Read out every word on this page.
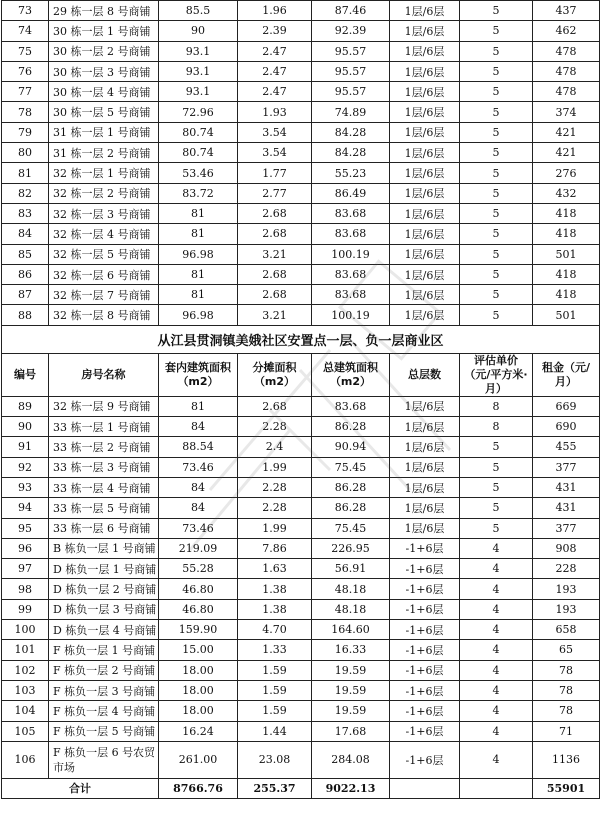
73	29 栋一层 8 号商铺	85.5	1.96	87.46	1层/6层	5	437
74	30 栋一层 1 号商铺	90	2.39	92.39	1层/6层	5	462
75	30 栋一层 2 号商铺	93.1	2.47	95.57	1层/6层	5	478
76	30 栋一层 3 号商铺	93.1	2.47	95.57	1层/6层	5	478
77	30 栋一层 4 号商铺	93.1	2.47	95.57	1层/6层	5	478
78	30 栋一层 5 号商铺	72.96	1.93	74.89	1层/6层	5	374
79	31 栋一层 1 号商铺	80.74	3.54	84.28	1层/6层	5	421
80	31 栋一层 2 号商铺	80.74	3.54	84.28	1层/6层	5	421
81	32 栋一层 1 号商铺	53.46	1.77	55.23	1层/6层	5	276
82	32 栋一层 2 号商铺	83.72	2.77	86.49	1层/6层	5	432
83	32 栋一层 3 号商铺	81	2.68	83.68	1层/6层	5	418
84	32 栋一层 4 号商铺	81	2.68	83.68	1层/6层	5	418
85	32 栋一层 5 号商铺	96.98	3.21	100.19	1层/6层	5	501
86	32 栋一层 6 号商铺	81	2.68	83.68	1层/6层	5	418
87	32 栋一层 7 号商铺	81	2.68	83.68	1层/6层	5	418
88	32 栋一层 8 号商铺	96.98	3.21	100.19	1层/6层	5	501
从江县贯洞镇美娥社区安置点一层、负一层商业区							
编号	房号名称	套内建筑面积（m2）	分摊面积（m2）	总建筑面积（m2）	总层数	评估单价（元/平方米·月）	租金（元/月）
89	32 栋一层 9 号商铺	81	2.68	83.68	1层/6层	8	669
90	33 栋一层 1 号商铺	84	2.28	86.28	1层/6层	8	690
91	33 栋一层 2 号商铺	88.54	2.4	90.94	1层/6层	5	455
92	33 栋一层 3 号商铺	73.46	1.99	75.45	1层/6层	5	377
93	33 栋一层 4 号商铺	84	2.28	86.28	1层/6层	5	431
94	33 栋一层 5 号商铺	84	2.28	86.28	1层/6层	5	431
95	33 栋一层 6 号商铺	73.46	1.99	75.45	1层/6层	5	377
96	B 栋负一层 1 号商铺	219.09	7.86	226.95	-1+6层	4	908
97	D 栋负一层 1 号商铺	55.28	1.63	56.91	-1+6层	4	228
98	D 栋负一层 2 号商铺	46.80	1.38	48.18	-1+6层	4	193
99	D 栋负一层 3 号商铺	46.80	1.38	48.18	-1+6层	4	193
100	D 栋负一层 4 号商铺	159.90	4.70	164.60	-1+6层	4	658
101	F 栋负一层 1 号商铺	15.00	1.33	16.33	-1+6层	4	65
102	F 栋负一层 2 号商铺	18.00	1.59	19.59	-1+6层	4	78
103	F 栋负一层 3 号商铺	18.00	1.59	19.59	-1+6层	4	78
104	F 栋负一层 4 号商铺	18.00	1.59	19.59	-1+6层	4	78
105	F 栋负一层 5 号商铺	16.24	1.44	17.68	-1+6层	4	71
106	F 栋负一层 6 号农贸市场	261.00	23.08	284.08	-1+6层	4	1136
合计		8766.76	255.37	9022.13			55901
